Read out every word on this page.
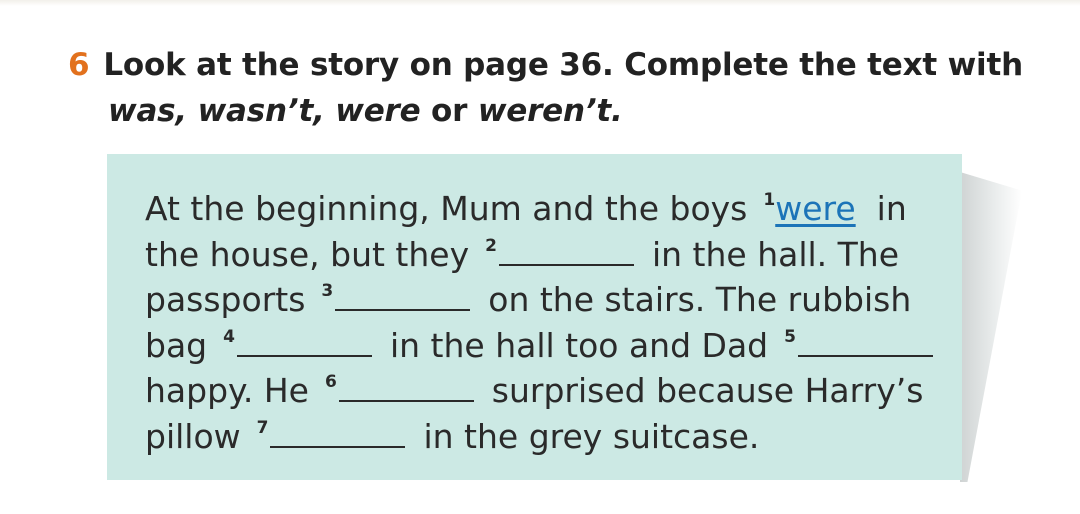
6 Look at the story on page 36. Complete the text with
was, wasn’t, were or weren’t.
At the beginning, Mum and the boys $^1$were in
the house, but they $^2$	in the hall. The
passports $^3$	on the stairs. The rubbish
bag $^4$	in the hall too and Dad $^5$
happy. He $^6$	surprised because Harry’s
pillow $^7$	in the grey suitcase.
